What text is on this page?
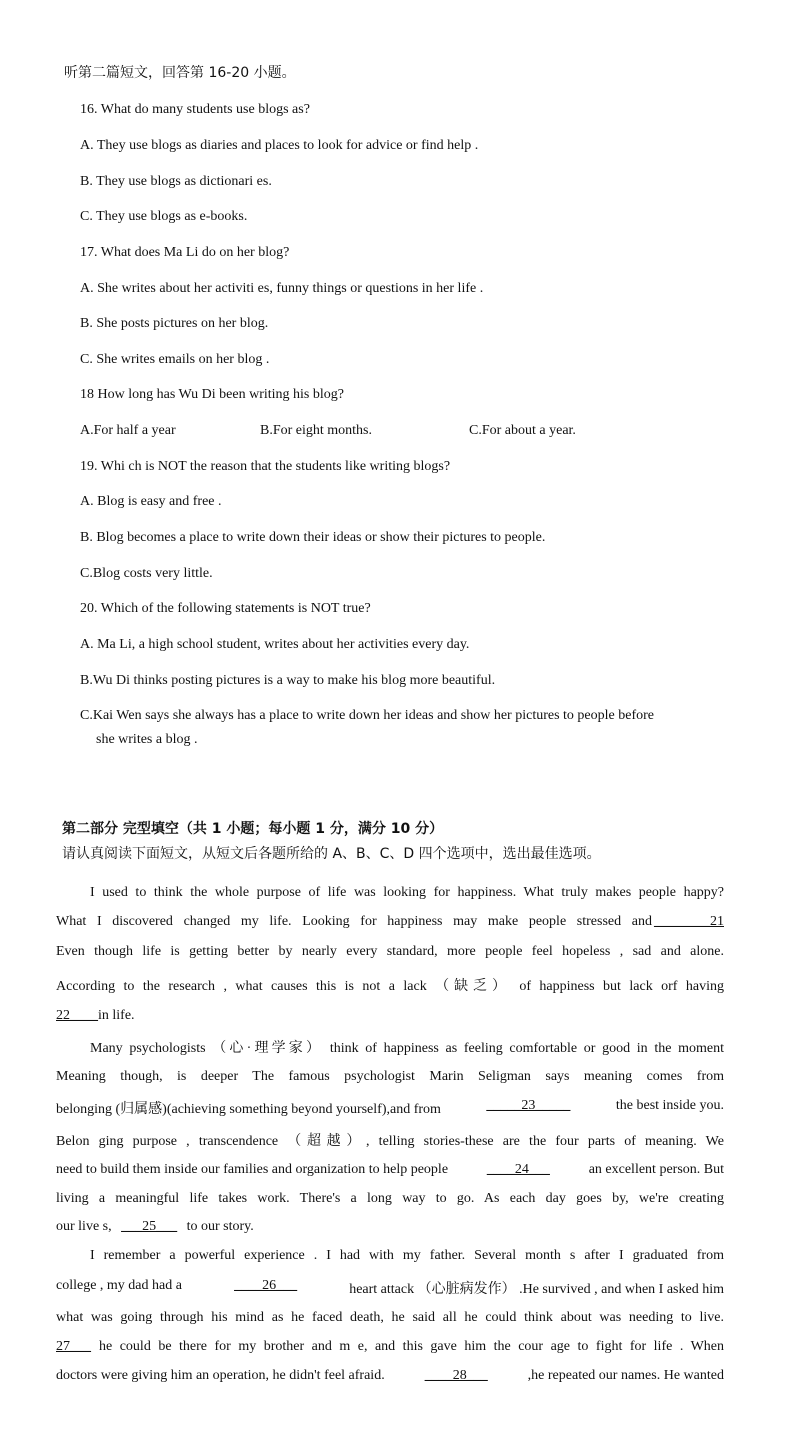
听第二篇短文，回答第 16-20 小题。
16. What do many students use blogs as?
A. They use blogs as diaries and places to look for advice or find help .
B. They use blogs as dictionari es.
C. They use blogs as e-books.
17. What does Ma Li do on her blog?
A. She writes about her activiti es, funny things or questions in her life .
B. She posts pictures on her blog.
C. She writes emails on her blog .
18 How long has Wu Di been writing his blog?
A.For half a year	B.For eight months.	C.For about a year.
19. Whi ch is NOT the reason that the students like writing blogs?
A. Blog is easy and free .
B. Blog becomes a place to write down their ideas or show their pictures to people.
C.Blog costs very little.
20. Which of the following statements is NOT true?
A. Ma Li, a high school student, writes about her activities every day.
B.Wu Di thinks posting pictures is a way to make his blog more beautiful.
C.Kai Wen says she always has a place to write down her ideas and show her pictures to people before
she writes a blog .
第二部分 完型填空（共 1 小题；每小题 1 分，满分 10 分）
请认真阅读下面短文，从短文后各题所给的 A、B、C、D 四个选项中，选出最佳选项。
I used to think the whole purpose of life was looking for happiness. What truly makes people happy?
What I discovered changed my life. Looking for happiness may make people stressed and ________21
Even though life is getting better by nearly every standard, more people feel hopeless , sad and alone.
According to the research , what causes this is not a lack （缺乏） of happiness but lack orf having
22____in life.
Many psychologists （心·理学家） think of happiness as feeling comfortable or good in the moment
Meaning though, is deeper The famous psychologist Marin Seligman says meaning comes from
belonging (归属感)(achieving something beyond yourself),and from	_____23_____	the best inside you.
Belon ging purpose , transcendence （超越）, telling stories-these are the four parts of meaning. We
need to build them inside our families and organization to help people	____24___	an excellent person. But
living a meaningful life takes work. There's a long way to go. As each day goes by, we're creating
our live s, ___25___ to our story.
I remember a powerful experience . I had with my father. Several month s after I graduated from
college , my dad had a	____26___	heart attack （心脏病发作） .He survived , and when I asked him
what was going through his mind as he faced death, he said all he could think about was needing to live.
27___ he could be there for my brother and m e, and this gave him the cour age to fight for life . When
doctors were giving him an operation, he didn't feel afraid.	____28___	,he repeated our names. He wanted
